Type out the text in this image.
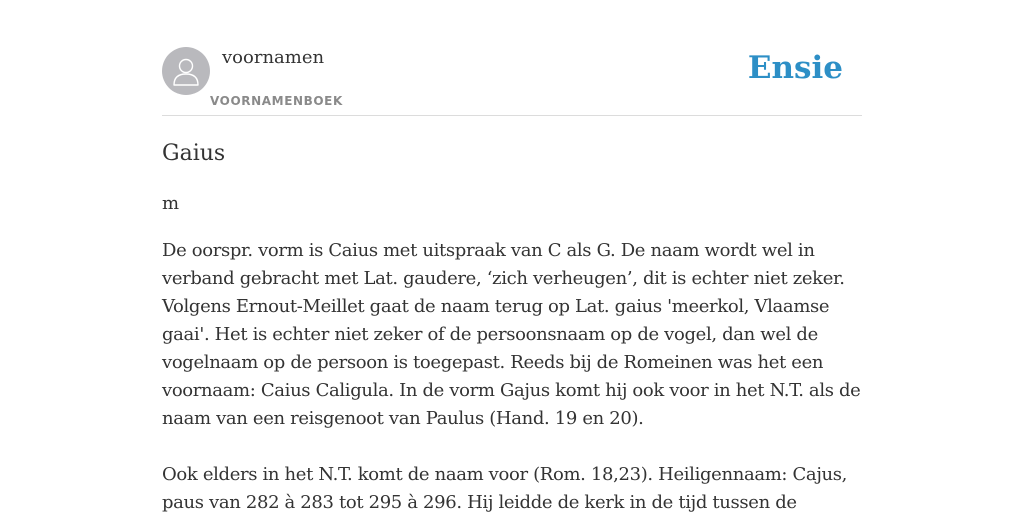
voornamen
VOORNAMENBOEK
Ensie
Gaius

m

De oorspr. vorm is Caius met uitspraak van C als G. De naam wordt wel in verband gebracht met Lat. gaudere, ‘zich verheugen’, dit is echter niet zeker. Volgens Ernout-Meillet gaat de naam terug op Lat. gaius 'meerkol, Vlaamse gaai'. Het is echter niet zeker of de persoonsnaam op de vogel, dan wel de vogelnaam op de persoon is toegepast. Reeds bij de Romeinen was het een voornaam: Caius Caligula. In de vorm Gajus komt hij ook voor in het N.T. als de naam van een reisgenoot van Paulus (Hand. 19 en 20).

Ook elders in het N.T. komt de naam voor (Rom. 18,23). Heiligennaam: Cajus, paus van 282 à 283 tot 295 à 296. Hij leidde de kerk in de tijd tussen de
